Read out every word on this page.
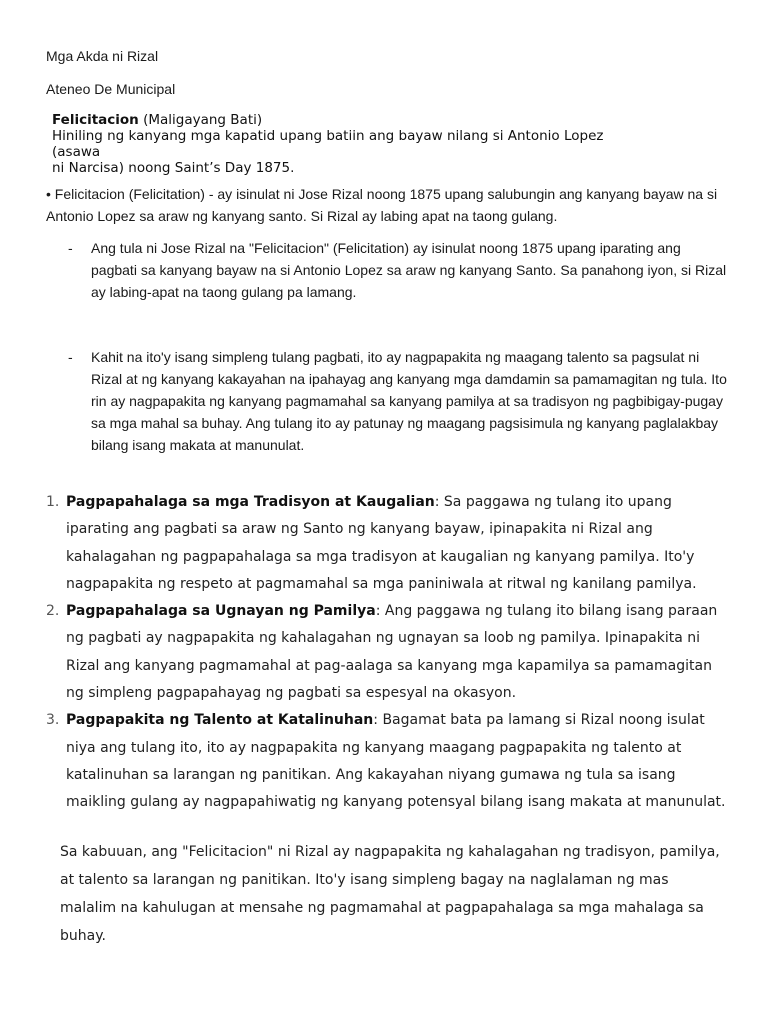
Mga Akda ni Rizal
Ateneo De Municipal
Felicitacion (Maligayang Bati)
Hiniling ng kanyang mga kapatid upang batiin ang bayaw nilang si Antonio Lopez (asawa
ni Narcisa) noong Saint’s Day 1875.
• Felicitacion (Felicitation) - ay isinulat ni Jose Rizal noong 1875 upang salubungin ang kanyang bayaw na si Antonio Lopez sa araw ng kanyang santo. Si Rizal ay labing apat na taong gulang.
- Ang tula ni Jose Rizal na "Felicitacion" (Felicitation) ay isinulat noong 1875 upang iparating ang pagbati sa kanyang bayaw na si Antonio Lopez sa araw ng kanyang Santo. Sa panahong iyon, si Rizal ay labing-apat na taong gulang pa lamang.
- Kahit na ito'y isang simpleng tulang pagbati, ito ay nagpapakita ng maagang talento sa pagsulat ni Rizal at ng kanyang kakayahan na ipahayag ang kanyang mga damdamin sa pamamagitan ng tula. Ito rin ay nagpapakita ng kanyang pagmamahal sa kanyang pamilya at sa tradisyon ng pagbibigay-pugay sa mga mahal sa buhay. Ang tulang ito ay patunay ng maagang pagsisimula ng kanyang paglalakbay bilang isang makata at manunulat.
1. Pagpapahalaga sa mga Tradisyon at Kaugalian: Sa paggawa ng tulang ito upang iparating ang pagbati sa araw ng Santo ng kanyang bayaw, ipinapakita ni Rizal ang kahalagahan ng pagpapahalaga sa mga tradisyon at kaugalian ng kanyang pamilya. Ito'y nagpapakita ng respeto at pagmamahal sa mga paniniwala at ritwal ng kanilang pamilya.
2. Pagpapahalaga sa Ugnayan ng Pamilya: Ang paggawa ng tulang ito bilang isang paraan ng pagbati ay nagpapakita ng kahalagahan ng ugnayan sa loob ng pamilya. Ipinapakita ni Rizal ang kanyang pagmamahal at pag-aalaga sa kanyang mga kapamilya sa pamamagitan ng simpleng pagpapahayag ng pagbati sa espesyal na okasyon.
3. Pagpapakita ng Talento at Katalinuhan: Bagamat bata pa lamang si Rizal noong isulat niya ang tulang ito, ito ay nagpapakita ng kanyang maagang pagpapakita ng talento at katalinuhan sa larangan ng panitikan. Ang kakayahan niyang gumawa ng tula sa isang maikling gulang ay nagpapahiwatig ng kanyang potensyal bilang isang makata at manunulat.
Sa kabuuan, ang "Felicitacion" ni Rizal ay nagpapakita ng kahalagahan ng tradisyon, pamilya, at talento sa larangan ng panitikan. Ito'y isang simpleng bagay na naglalaman ng mas malalim na kahulugan at mensahe ng pagmamahal at pagpapahalaga sa mga mahalaga sa buhay.
